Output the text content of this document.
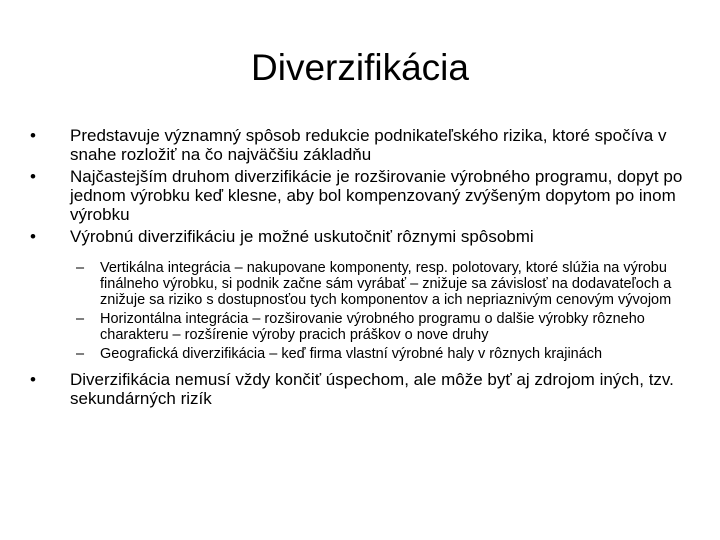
Diverzifikácia
• Predstavuje významný spôsob redukcie podnikateľského rizika, ktoré spočíva v snahe rozložiť na čo najväčšiu základňu
• Najčastejším druhom diverzifikácie je rozširovanie výrobného programu, dopyt po jednom výrobku keď klesne, aby bol kompenzovaný zvýšeným dopytom po inom výrobku
• Výrobnú diverzifikáciu je možné uskutočniť rôznymi spôsobmi
– Vertikálna integrácia – nakupovane komponenty, resp. polotovary, ktoré slúžia na výrobu finálneho výrobku, si podnik začne sám vyrábať – znižuje sa závislosť na dodavateľoch a znižuje sa riziko s dostupnosťou tych komponentov a ich nepriaznivým cenovým vývojom
– Horizontálna integrácia – rozširovanie výrobného programu o dalšie výrobky rôzneho charakteru – rozšírenie výroby pracich práškov o nove druhy
– Geografická diverzifikácia – keď firma vlastní výrobné haly v rôznych krajinách
• Diverzifikácia nemusí vždy končiť úspechom, ale môže byť aj zdrojom iných, tzv. sekundárných rizík
